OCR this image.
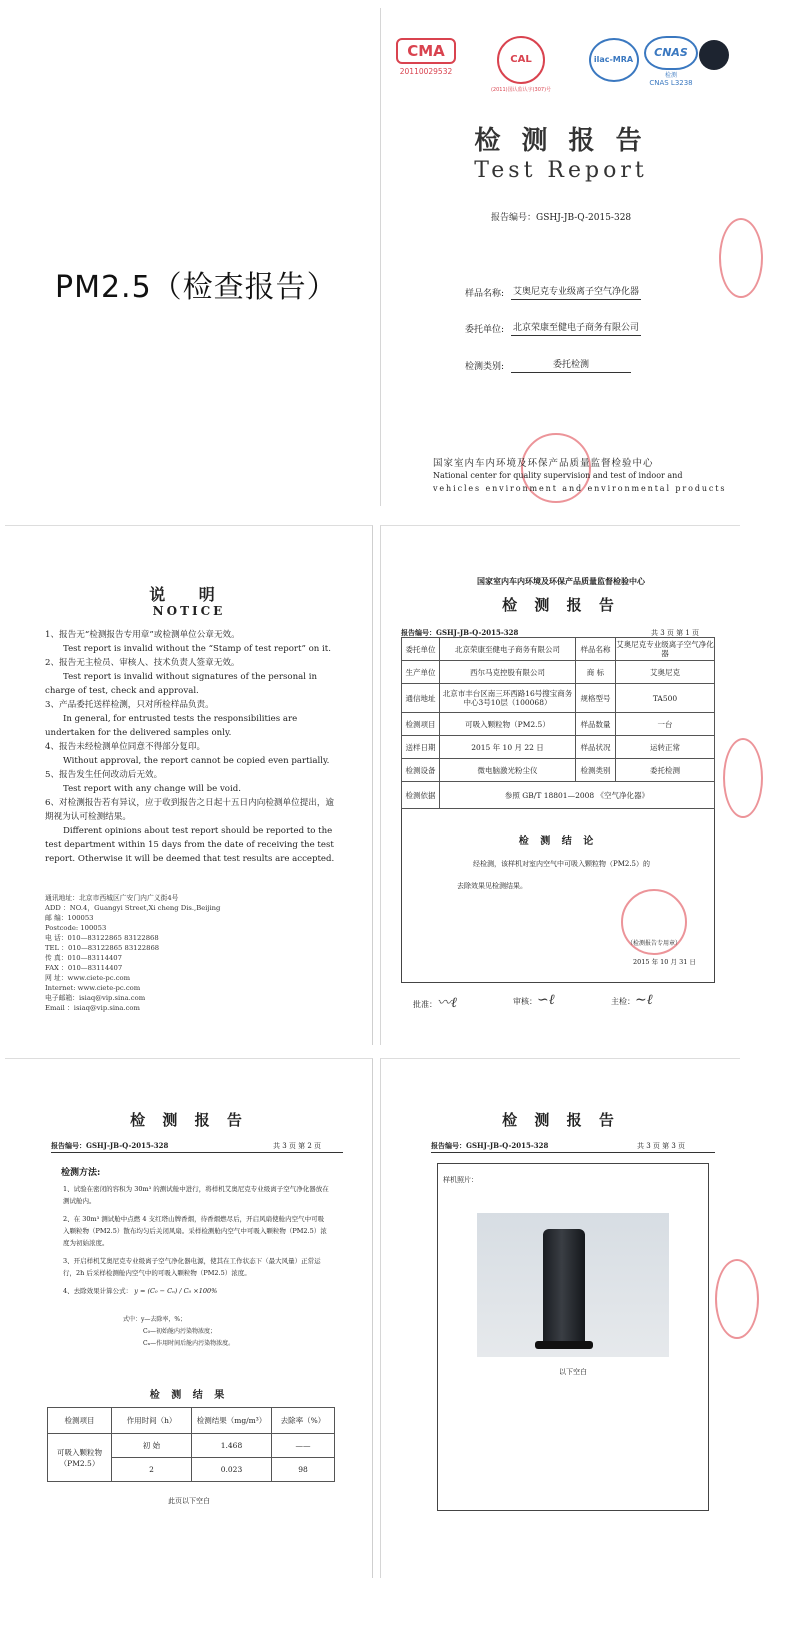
PM2.5（检查报告）
CMA
20110029532
CAL
(2011)国认监认字(307)号
ilac-MRA
CNAS
检测
CNAS L3238
检 测 报 告
Test Report
报告编号：GSHJ-JB-Q-2015-328
样品名称: 艾奥尼克专业级离子空气净化器
委托单位: 北京荣康至健电子商务有限公司
检测类别:	委托检测
国家室内车内环境及环保产品质量监督检验中心
National center for quality supervision and test of indoor and
vehicles environment and environmental products
说 明
NOTICE
1、报告无“检测报告专用章”或检测单位公章无效。
Test report is invalid without the “Stamp of test report” on it.
2、报告无主检员、审核人、技术负责人签章无效。
Test report is invalid without signatures of the personal in charge of test, check and approval.
3、产品委托送样检测，只对所检样品负责。
In general, for entrusted tests the responsibilities are undertaken for the delivered samples only.
4、报告未经检测单位同意不得部分复印。
Without approval, the report cannot be copied even partially.
5、报告发生任何改动后无效。
Test report with any change will be void.
6、对检测报告若有异议，应于收到报告之日起十五日内向检测单位提出，逾期视为认可检测结果。
Different opinions about test report should be reported to the test department within 15 days from the date of receiving the test report. Otherwise it will be deemed that test results are accepted.
通讯地址：北京市西城区广安门内广义街4号
ADD ：NO.4，Guangyi Street,Xi cheng Dis.,Beijing
邮 编：100053
Postcode: 100053
电 话：010—83122865 83122868
TEL ：010—83122865 83122868
传 真：010—83114407
FAX ：010—83114407
网 址：www.ciete-pc.com
Internet: www.ciete-pc.com
电子邮箱：isiaq@vip.sina.com
Email ：isiaq@vip.sina.com
国家室内车内环境及环保产品质量监督检验中心
检 测 报 告
报告编号：GSHJ-JB-Q-2015-328	共 3 页 第 1 页
委托单位	北京荣康至健电子商务有限公司	样品名称	艾奥尼克专业级离子空气净化器
生产单位	西尔马克控股有限公司	商 标	艾奥尼克
通信地址	北京市丰台区南三环西路16号搜宝商务中心3号10层（100068）	规格型号	TA500
检测项目	可吸入颗粒物（PM2.5）	样品数量	一台
送样日期	2015 年 10 月 22 日	样品状况	运转正常
检测设备	微电脑激光粉尘仪	检测类别	委托检测
检测依据	参照 GB/T 18801—2008 《空气净化器》		
检 测 结 论
经检测，该样机对室内空气中可吸入颗粒物（PM2.5）的
去除效果见检测结果。
（检测报告专用章）
2015 年 10 月 31 日
批准：〰ℓ	审核：∽ℓ	主检：∼ℓ
检 测 报 告
报告编号：GSHJ-JB-Q-2015-328	共 3 页 第 2 页
检测方法:
1、试验在密闭的容积为 30m³ 的测试舱中进行，将样机艾奥尼克专业级离子空气净化器放在测试舱内。
2、在 30m³ 测试舱中点燃 4 支红塔山牌香烟，待香烟燃尽后，开启风扇使舱内空气中可吸入颗粒物（PM2.5）散布均匀后关闭风扇。采样检测舱内空气中可吸入颗粒物（PM2.5）浓度为初始浓度。
3、开启样机艾奥尼克专业级离子空气净化器电源，使其在工作状态下（最大风量）正常运行，2h 后采样检测舱内空气中的可吸入颗粒物（PM2.5）浓度。
4、去除效果计算公式： y = (C₀ − Cₙ) / C₀ ×100%
式中：y—去除率，%；
C₀—初始舱内污染物浓度；
Cₙ—作用时间后舱内污染物浓度。
检 测 结 果
检测项目	作用时间（h）	检测结果（mg/m³）	去除率（%）
可吸入颗粒物（PM2.5）	初 始	1.468	——
	2	0.023	98
此页以下空白
检 测 报 告
报告编号：GSHJ-JB-Q-2015-328	共 3 页 第 3 页
样机照片：
以下空白
